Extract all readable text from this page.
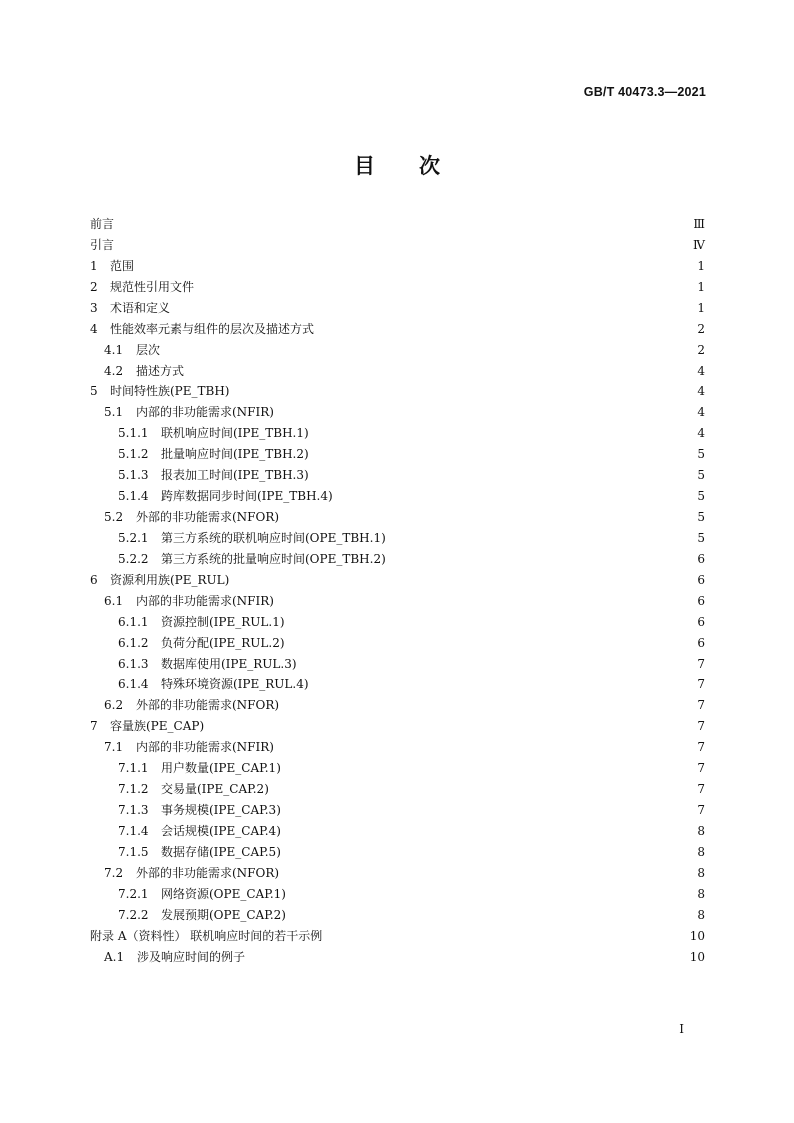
GB/T 40473.3—2021
目 次
前言	Ⅲ
引言	Ⅳ
1	范围	1
2	规范性引用文件	1
3	术语和定义	1
4	性能效率元素与组件的层次及描述方式	2
4.1	层次	2
4.2	描述方式	4
5	时间特性族(PE_TBH)	4
5.1	内部的非功能需求(NFIR)	4
5.1.1	联机响应时间(IPE_TBH.1)	4
5.1.2	批量响应时间(IPE_TBH.2)	5
5.1.3	报表加工时间(IPE_TBH.3)	5
5.1.4	跨库数据同步时间(IPE_TBH.4)	5
5.2	外部的非功能需求(NFOR)	5
5.2.1	第三方系统的联机响应时间(OPE_TBH.1)	5
5.2.2	第三方系统的批量响应时间(OPE_TBH.2)	6
6	资源利用族(PE_RUL)	6
6.1	内部的非功能需求(NFIR)	6
6.1.1	资源控制(IPE_RUL.1)	6
6.1.2	负荷分配(IPE_RUL.2)	6
6.1.3	数据库使用(IPE_RUL.3)	7
6.1.4	特殊环境资源(IPE_RUL.4)	7
6.2	外部的非功能需求(NFOR)	7
7	容量族(PE_CAP)	7
7.1	内部的非功能需求(NFIR)	7
7.1.1	用户数量(IPE_CAP.1)	7
7.1.2	交易量(IPE_CAP.2)	7
7.1.3	事务规模(IPE_CAP.3)	7
7.1.4	会话规模(IPE_CAP.4)	8
7.1.5	数据存储(IPE_CAP.5)	8
7.2	外部的非功能需求(NFOR)	8
7.2.1	网络资源(OPE_CAP.1)	8
7.2.2	发展预期(OPE_CAP.2)	8
附录 A（资料性） 联机响应时间的若干示例	10
A.1	涉及响应时间的例子	10
I
